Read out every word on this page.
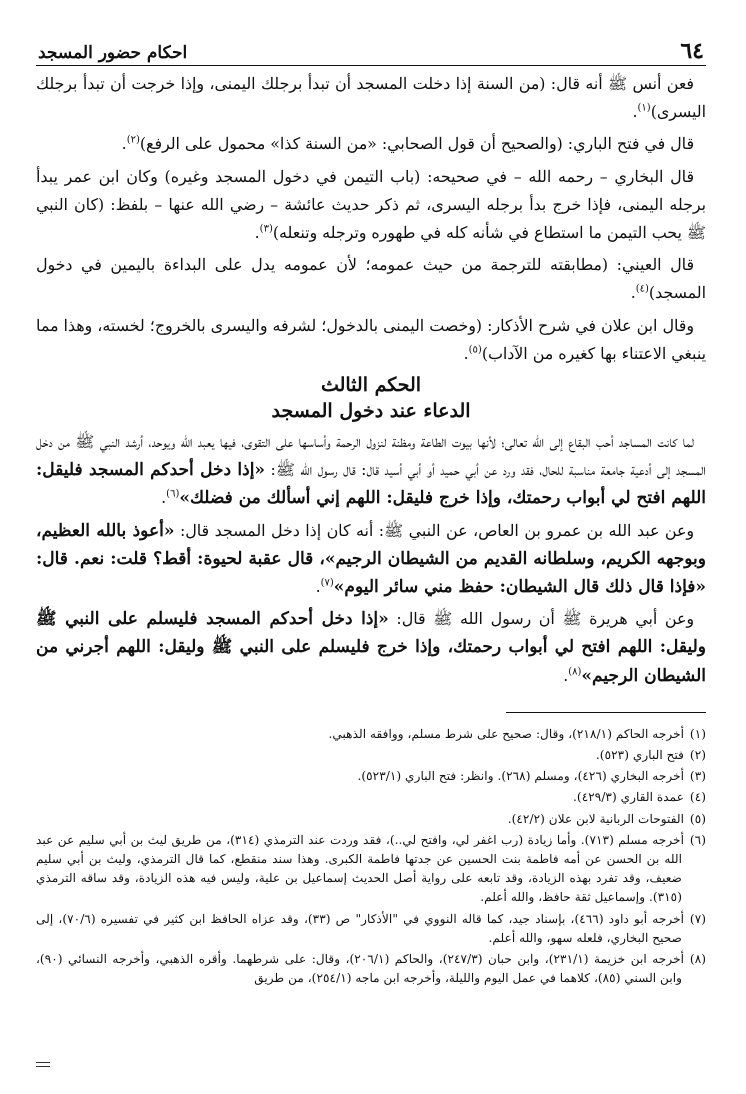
٦٤
احكام حضور المسجد

فعن أنس ﷺ أنه قال: (من السنة إذا دخلت المسجد أن تبدأ برجلك اليمنى، وإذا خرجت أن تبدأ برجلك اليسرى)$^{(١)}$.

قال في فتح الباري: (والصحيح أن قول الصحابي: «من السنة كذا» محمول على الرفع)$^{(٢)}$.

قال البخاري – رحمه الله – في صحيحه: (باب التيمن في دخول المسجد وغيره) وكان ابن عمر يبدأ برجله اليمنى، فإذا خرج بدأ برجله اليسرى، ثم ذكر حديث عائشة – رضي الله عنها – بلفظ: (كان النبي ﷺ يحب التيمن ما استطاع في شأنه كله في طهوره وترجله وتنعله)$^{(٣)}$.

قال العيني: (مطابقته للترجمة من حيث عمومه؛ لأن عمومه يدل على البداءة باليمين في دخول المسجد)$^{(٤)}$.

وقال ابن علان في شرح الأذكار: (وخصت اليمنى بالدخول؛ لشرفه واليسرى بالخروج؛ لخسته، وهذا مما ينبغي الاعتناء بها كغيره من الآداب)$^{(٥)}$.

الحكم الثالث
الدعاء عند دخول المسجد

لما كانت المساجد أحب البقاع إلى الله تعالى؛ لأنها بيوت الطاعة ومظنة لنزول الرحمة وأساسها على التقوى، فيها يعبد الله ويوحد، أرشد النبي ﷺ من دخل المسجد إلى أدعية جامعة مناسبة للحال، فقد ورد عن أبي حميد أو أبي أسيد قال: قال رسول الله ﷺ: «إذا دخل أحدكم المسجد فليقل: اللهم افتح لي أبواب رحمتك، وإذا خرج فليقل: اللهم إني أسألك من فضلك»$^{(٦)}$.

وعن عبد الله بن عمرو بن العاص، عن النبي ﷺ: أنه كان إذا دخل المسجد قال: «أعوذ بالله العظيم، وبوجهه الكريم، وسلطانه القديم من الشيطان الرجيم»، قال عقبة لحيوة: أقط؟ قلت: نعم. قال: «فإذا قال ذلك قال الشيطان: حفظ مني سائر اليوم»$^{(٧)}$.

وعن أبي هريرة ﷺ أن رسول الله ﷺ قال: «إذا دخل أحدكم المسجد فليسلم على النبي ﷺ وليقل: اللهم افتح لي أبواب رحمتك، وإذا خرج فليسلم على النبي ﷺ وليقل: اللهم أجرني من الشيطان الرجيم»$^{(٨)}$.

(١)أخرجه الحاكم (٢١٨/١)، وقال: صحيح على شرط مسلم، ووافقه الذهبي.

(٢)فتح الباري (٥٢٣).

(٣)أخرجه البخاري (٤٢٦)، ومسلم (٢٦٨). وانظر: فتح الباري (٥٢٣/١).

(٤)عمدة القاري (٤٢٩/٣).

(٥)الفتوحات الربانية لابن علان (٤٢/٢).

(٦)أخرجه مسلم (٧١٣). وأما زيادة (رب اغفر لي، وافتح لي..)، فقد وردت عند الترمذي (٣١٤)، من طريق ليث بن أبي سليم عن عبد الله بن الحسن عن أمه فاطمة بنت الحسين عن جدتها فاطمة الكبرى. وهذا سند منقطع، كما قال الترمذي، وليث بن أبي سليم ضعيف، وقد تفرد بهذه الزيادة، وقد تابعه على رواية أصل الحديث إسماعيل بن علية، وليس فيه هذه الزيادة، وقد ساقه الترمذي (٣١٥). وإسماعيل ثقة حافظ، والله أعلم.

(٧)أخرجه أبو داود (٤٦٦)، بإسناد جيد، كما قاله النووي في "الأذكار" ص (٣٣)، وقد عزاه الحافظ ابن كثير في تفسيره (٧٠/٦)، إلى صحيح البخاري، فلعله سهو، والله أعلم.

(٨)أخرجه ابن خزيمة (٢٣١/١)، وابن حبان (٢٤٧/٣)، والحاكم (٢٠٦/١)، وقال: على شرطهما. وأقره الذهبي، وأخرجه النسائي (٩٠)، وابن السني (٨٥)، كلاهما في عمل اليوم والليلة، وأخرجه ابن ماجه (٢٥٤/١)، من طريق
